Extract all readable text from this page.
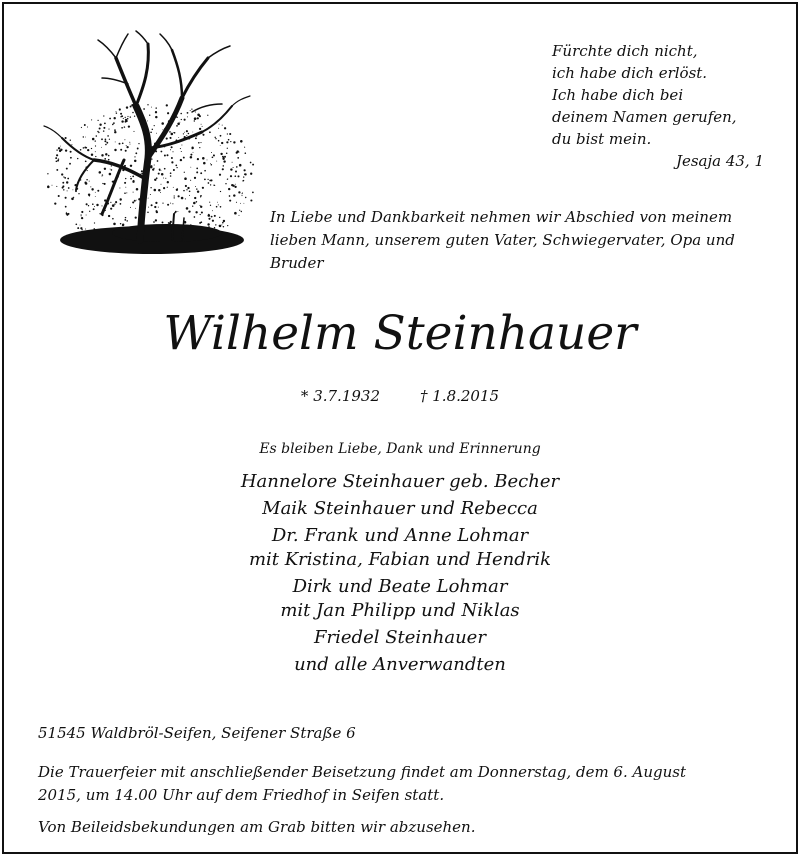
Fürchte dich nicht,
ich habe dich erlöst.
Ich habe dich bei
deinem Namen gerufen,
du bist mein.
Jesaja 43, 1
In Liebe und Dankbarkeit nehmen wir Abschied von meinem
lieben Mann, unserem guten Vater, Schwiegervater, Opa und
Bruder
Wilhelm Steinhauer
* 3.7.1932	† 1.8.2015
Es bleiben Liebe, Dank und Erinnerung
Hannelore Steinhauer geb. Becher
Maik Steinhauer und Rebecca
Dr. Frank und Anne Lohmar
mit Kristina, Fabian und Hendrik
Dirk und Beate Lohmar
mit Jan Philipp und Niklas
Friedel Steinhauer
und alle Anverwandten
51545 Waldbröl-Seifen, Seifener Straße 6
Die Trauerfeier mit anschließender Beisetzung findet am Donnerstag, dem 6. August
2015, um 14.00 Uhr auf dem Friedhof in Seifen statt.
Von Beileidsbekundungen am Grab bitten wir abzusehen.
